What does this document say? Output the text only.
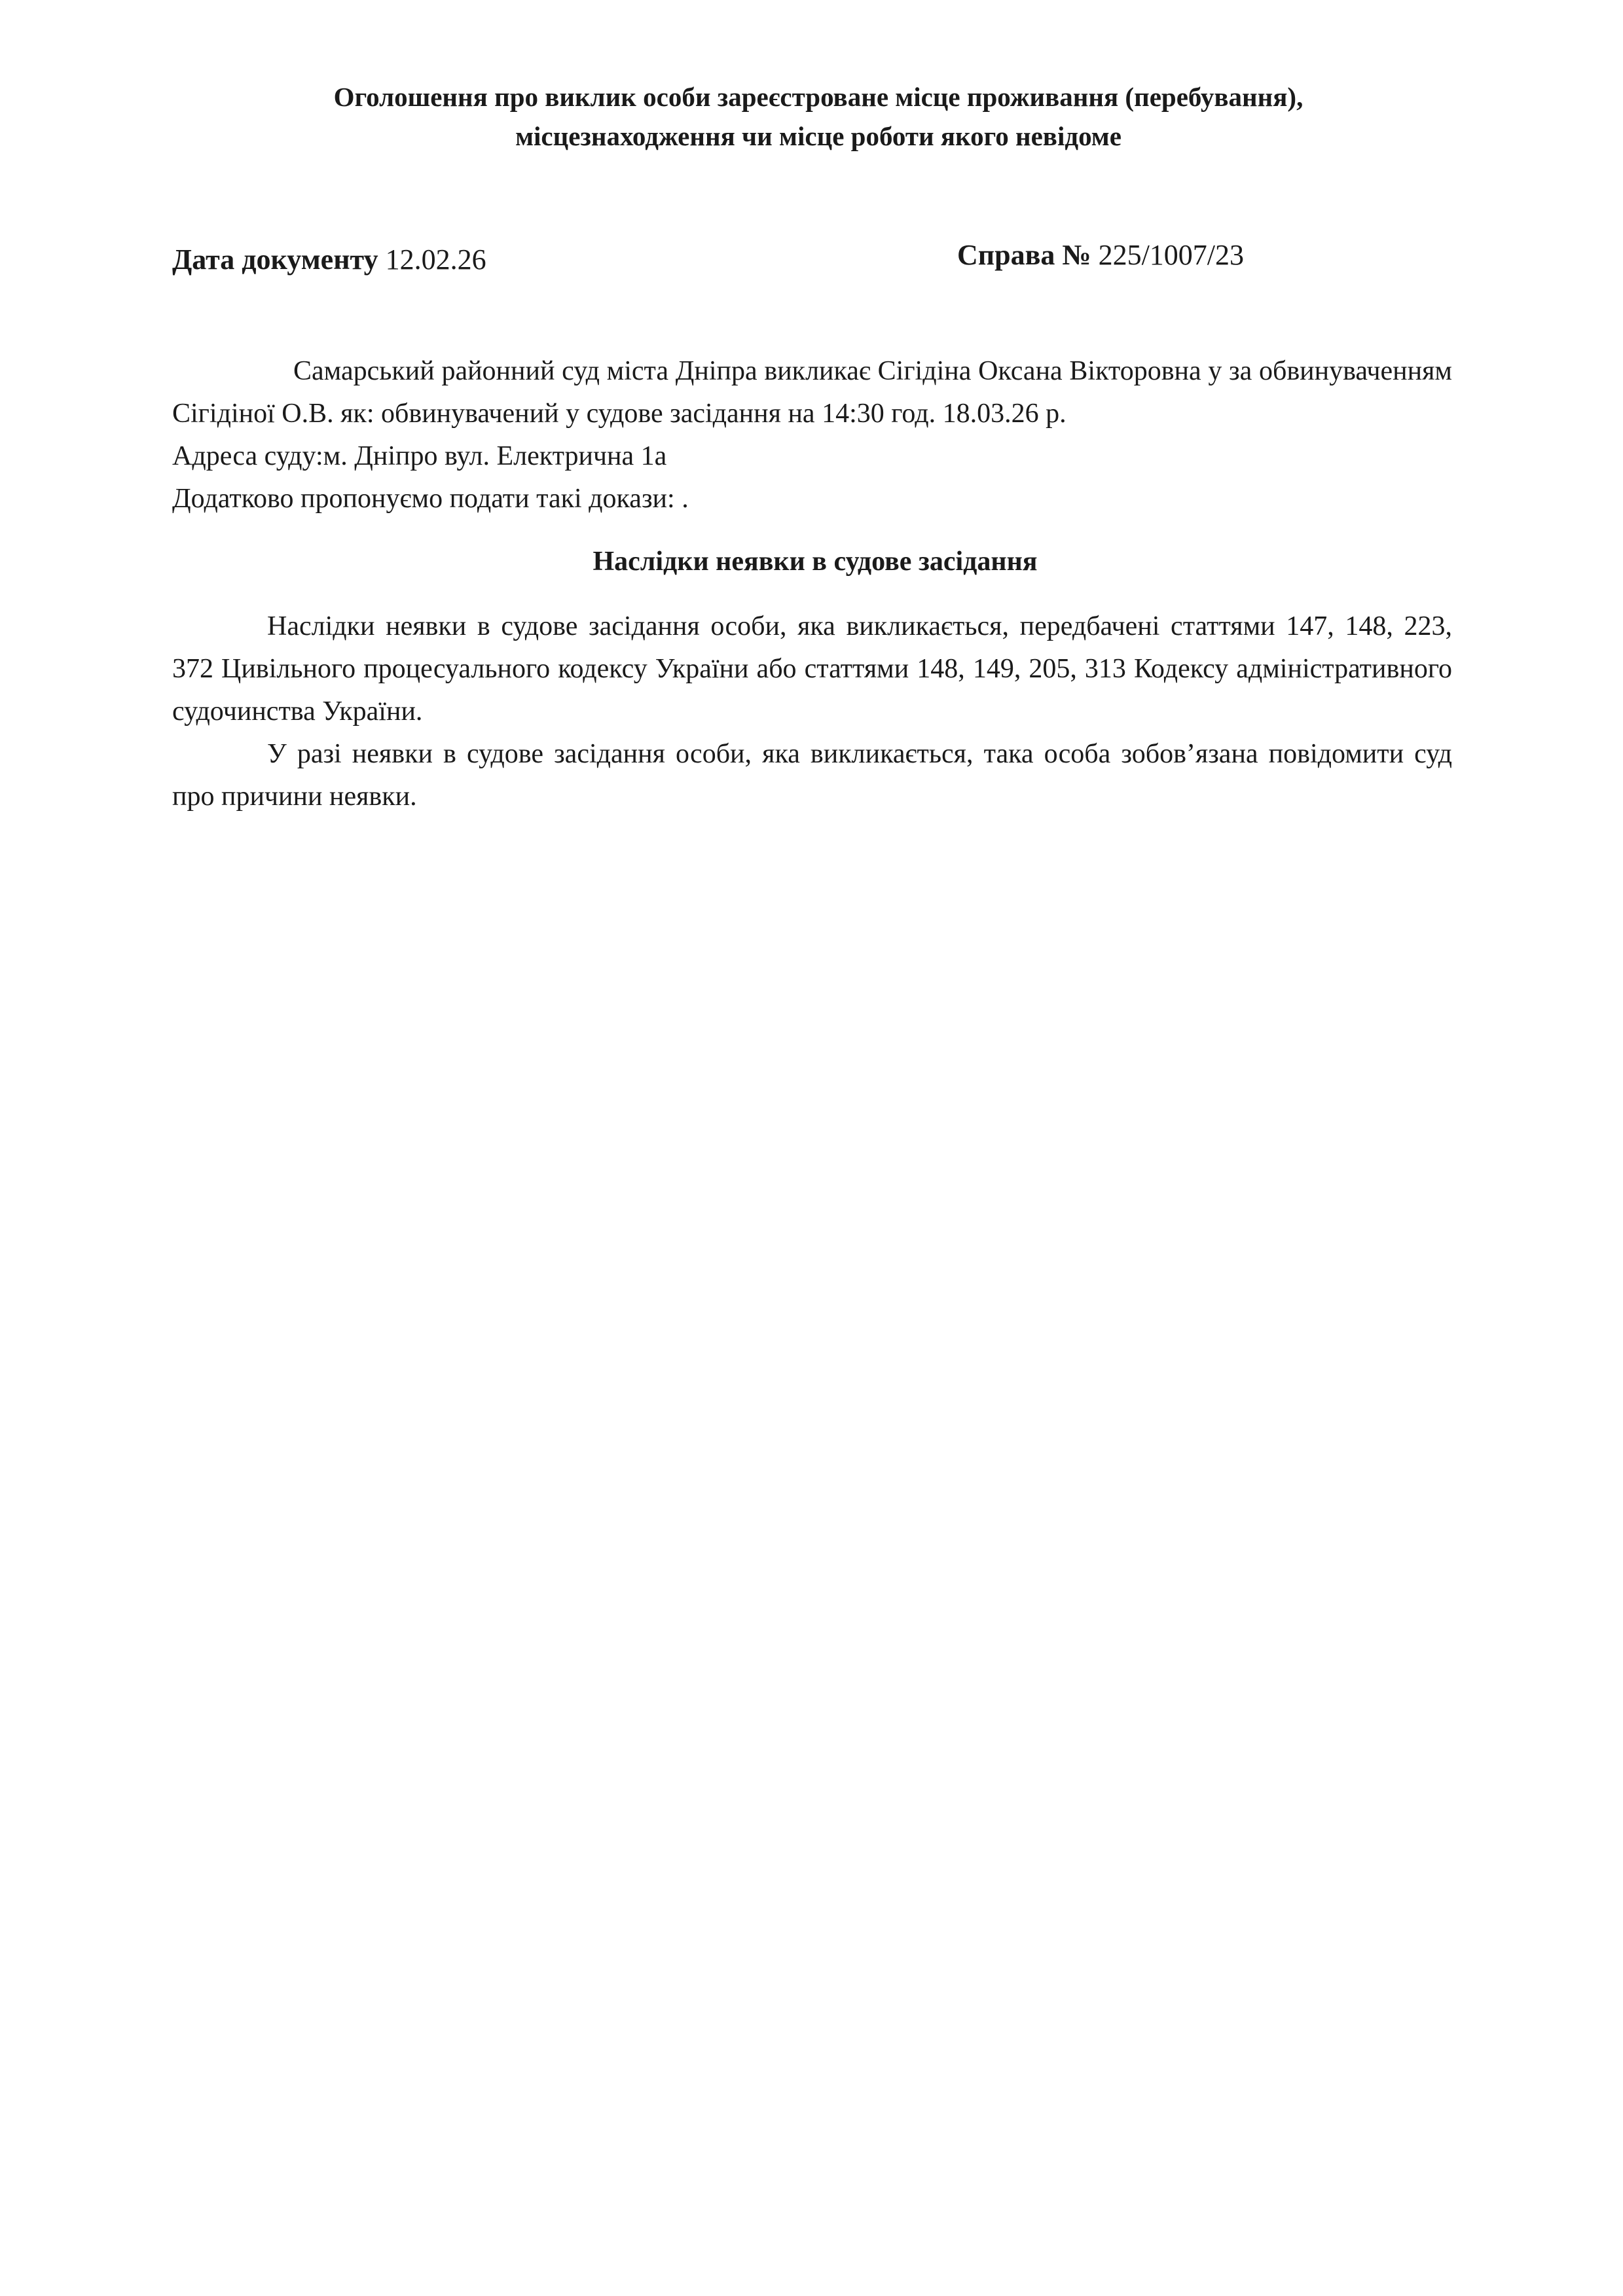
Оголошення про виклик особи зареєстроване місце проживання (перебування),
місцезнаходження чи місце роботи якого невідоме
Дата документу 12.02.26	Справа № 225/1007/23
Самарський районний суд міста Дніпра викликає Сігідіна Оксана Вікторовна у за обвинуваченням Сігідіної О.В. як: обвинувачений у судове засідання на 14:30 год. 18.03.26 р.
Адреса суду:м. Дніпро вул. Електрична 1а
Додатково пропонуємо подати такі докази: .
Наслідки неявки в судове засідання
Наслідки неявки в судове засідання особи, яка викликається, передбачені статтями 147, 148, 223, 372 Цивільного процесуального кодексу України або статтями 148, 149, 205, 313 Кодексу адміністративного судочинства України.
У разі неявки в судове засідання особи, яка викликається, така особа зобов’язана повідомити суд про причини неявки.
